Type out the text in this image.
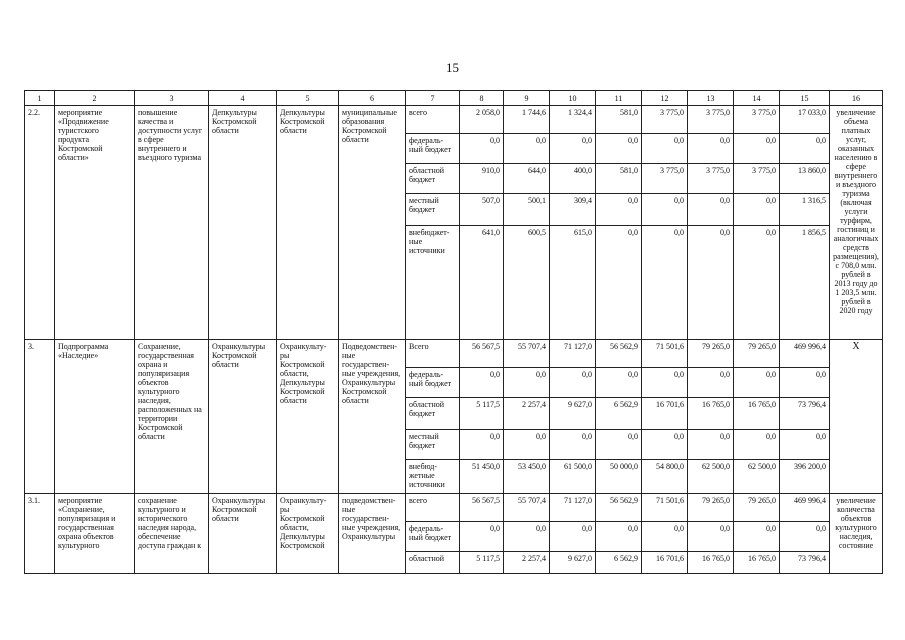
15
1	2	3	4	5	6	7	8	9	10	11	12	13	14	15	16
2.2.	мероприятие «Продвижение туристского продукта Костромской области»	повышение качества и доступности услуг в сфере внутреннего и въездного туризма	Депкультуры Костромской области	Депкультуры Костромской области	муниципальные образования Костромской области	всего	2 058,0	1 744,6	1 324,4	581,0	3 775,0	3 775,0	3 775,0	17 033,0	увеличение объема платных услуг, оказанных населению в сфере внутреннего и въездного туризма (включая услуги турфирм, гостиниц и аналогичных средств размещения), с 708,0 млн. рублей в 2013 году до 1 203,5 млн. рублей в 2020 году
						федераль-ный бюджет	0,0	0,0	0,0	0,0	0,0	0,0	0,0	0,0	
						областной бюджет	910,0	644,0	400,0	581,0	3 775,0	3 775,0	3 775,0	13 860,0	
						местный бюджет	507,0	500,1	309,4	0,0	0,0	0,0	0,0	1 316,5	
						внебюджет-ные источники	641,0	600,5	615,0	0,0	0,0	0,0	0,0	1 856,5	
3.	Подпрограмма «Наследие»	Сохранение, государственная охрана и популяризация объектов культурного наследия, расположенных на территории Костромской области	Охранкультуры Костромской области	Охранкульту-ры Костромской области, Депкультуры Костромской области	Подведомствен-ные государствен-ные учреждения, Охранкультуры Костромской области	Всего	56 567,5	55 707,4	71 127,0	56 562,9	71 501,6	79 265,0	79 265,0	469 996,4	Х
						федераль-ный бюджет	0,0	0,0	0,0	0,0	0,0	0,0	0,0	0,0	
						областной бюджет	5 117,5	2 257,4	9 627,0	6 562,9	16 701,6	16 765,0	16 765,0	73 796,4	
						местный бюджет	0,0	0,0	0,0	0,0	0,0	0,0	0,0	0,0	
						внебюд-жетные источники	51 450,0	53 450,0	61 500,0	50 000,0	54 800,0	62 500,0	62 500,0	396 200,0	
3.1.	мероприятие «Сохранение, популяризация и государственная охрана объектов культурного	сохранение культурного и исторического наследия народа, обеспечение доступа граждан к	Охранкультуры Костромской области	Охранкульту-ры Костромской области, Депкультуры Костромской	подведомствен-ные государствен-ные учреждения, Охранкультуры	всего	56 567,5	55 707,4	71 127,0	56 562,9	71 501,6	79 265,0	79 265,0	469 996,4	увеличение количества объектов культурного наследия, состояние
						федераль-ный бюджет	0,0	0,0	0,0	0,0	0,0	0,0	0,0	0,0	
						областной	5 117,5	2 257,4	9 627,0	6 562,9	16 701,6	16 765,0	16 765,0	73 796,4	
